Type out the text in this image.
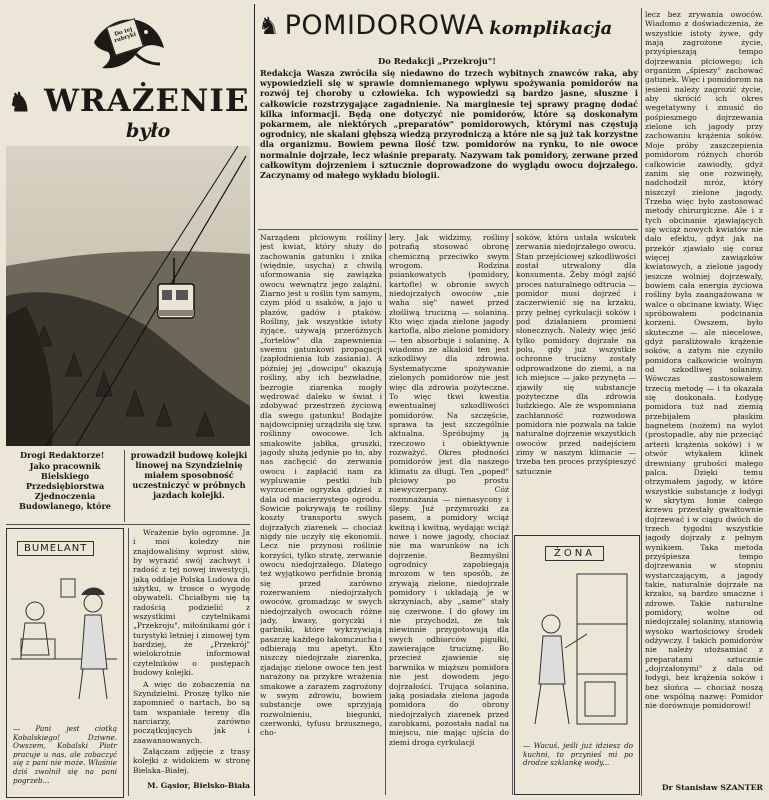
Do tej rubryki
♞ WRAŻENIE
było
Drogi Redaktorze!
Jako pracownik Bielskiego Przedsiębiorstwa Zjednoczenia Budowlanego, które
prowadził budowę kolejki linowej na Szyndzielnię miałem sposobność uczestniczyć w próbnych jazdach kolejki.
BUMELANT
— Pani jest ciotką Kobalskiego! Dziwne. Owszem, Kobalski Piotr pracuje u nas, ale zobaczyć się z pani nie może. Właśnie dziś zwolnił się na pani pogrzeb...

Wrażenie było ogromne. Ja i moi koledzy nie znajdowaliśmy wprost słów, by wyrazić swój zachwyt i radość z tej nowej inwestycji, jaką oddaje Polska Ludowa do użytku, w trosce o wygodę obywateli. Chciałbym się tą radością podzielić z wszystkimi czytelnikami „Przekroju", miłośnikami gór i turystyki letniej i zimowej tym bardziej, że „Przekrój" wielokrotnie informował czytelników o postępach budowy kolejki.

A więc do zobaczenia na Szyndzielni. Proszę tylko nie zapomnieć o nartach, bo są tam wspaniałe tereny dla narciarzy, zarówno początkujących jak i zaawansowanych.

Załączam zdjęcie z trasy kolejki z widokiem w stronę Bielska–Białej.

M. Gąsior, Bielsko-Biała

♞ POMIDOROWA komplikacja
Do Redakcji „Przekroju"!
Redakcja Wasza zwróciła się niedawno do trzech wybitnych znawców raka, aby wypowiedzieli się w sprawie domniemanego wpływu spożywania pomidorów na rozwój tej choroby u człowieka. Ich wypowiedzi są bardzo jasne, słuszne i całkowicie rozstrzygające zagadnienie. Na marginesie tej sprawy pragnę dodać kilka informacji. Będą one dotyczyć nie pomidorów, które są doskonałym pokarmem, ale niektórych „preparatów" pomidorowych, którymi nas częstują ogrodnicy, nie skalani głębszą wiedzą przyrodniczą a które nie są już tak korzystne dla organizmu. Bowiem pewna ilość tzw. pomidorów na rynku, to nie owoce normalnie dojrzałe, lecz właśnie preparaty. Nazywam tak pomidory, zerwane przed całkowitym dojrzeniem i sztucznie doprowadzone do wyglądu owocu dojrzałego. Zaczynamy od małego wykładu biologii.
Narządem płciowym rośliny jest kwiat, który służy do zachowania gatunku i znika (więdnie, usycha) z chwilą uformowania się zawiązka owocu wewnątrz jego zalążni. Ziarno jest u roślin tym samym, czym płód u ssaków, a jajo u płazów, gadów i ptaków. Rośliny, jak wszystkie istoty żyjące, używają przeróżnych „fortelów" dla zapewnienia swemu gatunkowi propagacji (zapłodnienia lub zasiania). A później jej „dowcipu" okazują rośliny, aby ich bezwładne, bezrogie ziarenka mogły wędrować daleko w świat i zdobywać przestrzeń życiową dla swego gatunku! Bodajże najdowcipniej urządziła się tzw. roślinny owocowe. Ich smakowite jabłka, gruszki, jagody służą jedynie po to, aby nas zachęcić do zerwania owocu i zapłacić nam za wypluwanie pestki lub wyrzucenie ogryzka gdzieś z dala od macierzystego ogrodu. Sowicie pokrywają te rośliny koszty transportu swych dojrzałych ziarenek — chociaż nigdy nie uczyły się ekonomii. Lecz nie przynosi roślinie korzyści, tylko stratę, zerwanie owocu niedojrzałego. Dlatego też wyjątkowo perfidnie bronią się przed zarówno rozerwaniem niedojrzałych owoców, gromadząc w swych niedojrzałych owocach różne jady, kwasy, goryczki i garbniki, które wykrzywiają paszczę każdego łakomczucha i odbierają mu apetyt. Kto niszczy niedojrzałe ziarenka, zjadając zielone owoce ten jest narażony na przykre wrażenia smakowe a zarazem zagrożony w swym zdrowiu, bowiem substancje owe sprzyjają rozwolnieniu, biegunki, czerwonki, tyfusu brzusznego, cho-
lery. Jak widzimy, rośliny potrafią stosować obronę chemiczną przeciwko swym wrogom. Rodzina psiankowatych (pomidory, kartofle) w obronie swych niedojrzałych owoców „nie waha się" nawet przed złośliwą trucizną — solaniną. Kto więc zjada zielone jagody kartofla, albo zielone pomidory — ten absorbuje i solaninę. A wiadomo ze alkaloid ten jest szkodliwy dla zdrowia. Systematyczne spożywanie zielonych pomidorów nie jest więc dla zdrowia pożyteczne. To więc tkwi kwestia ewentualnej szkodliwości pomidorów. Na szczęście, sprawa ta jest szczególnie aktualna. Spróbujmy ją rzeczowo i obiektywnie rozważyć. Okres płodności pomidorów jest dla naszego klimatu za długi. Ten „poped" płciowy po prostu niewyczerpany. Cóż rozmnażania — nienasycony i ślepy. Już przymrozki za pasem, a pomidory wciąż kwitną i kwitną, wydając wciąż nowe i nowe jagody, chociaż nie ma warunków na ich dojrzenie. Bezmyślni ogrodnicy zapobiegają mrozom w ten sposób, że zrywają zielone, niedojrzałe pomidory i układają je w skrzyniach, aby „same" stały się czerwone. I do głowy im nie przychodzi, że tak niewinnie przygotowują dla swych odbiorców pigułki, zawierające truciznę. Bo przecież zjawienie się barwnika w miąższu pomidora nie jest dowodem jego dojrzałości. Trująca solanina, jaką posiadała zielona jagoda pomidora do obrony niedojrzałych ziarenek przed zarobkami, pozostała nadal na miejscu, nie mając ujścia do ziemi droga cyrkulacji
soków, która ustała wskutek zerwania niedojrzałego owocu. Stan przejściowej szkodliwości został utrwalony dla konsumenta. Żeby mógł zajść proces naturalnego odtrucia — pomidor musi dojrzeć i zaczerwienić się na krzaku, przy pełnej cyrkulacji soków i pod działaniem promieni słonecznych. Należy więc jeść tylko pomidory dojrzałe na polu, gdy już wszystkie ochronne trucizny zostały odprowadzone do ziemi, a na ich miejsce — jako przynęta — zjawiły się substancje pożyteczne dla zdrowia ludzkiego. Ale że wspomniana zachłanność rozwodowa pomidora nie pozwala na takie naturalne dojrzenie wszystkich owoców przed nadejściem zimy w naszym klimacie — trzeba ten proces przyśpieszyć sztucznie
ŻONA
— Wacuś, jeśli już idziesz do kuchni, to przynieś mi po drodze szklankę wody...
lecz bez zrywania owoców. Wiadomo z doświadczenia, że wszystkie istoty żywe, gdy mają zagrożone życie, przyśpieszają tempo dojrzewania płciowego; ich organizm „śpieszy" zachować gatunek. Więc i pomidorom na jesieni należy zagrozić życie, aby skrócić ich okres wegetatywny i zmusić do pośpiesznego dojrzewania zielone ich jagody przy zachowaniu krążenia soków. Moje próby zaszczepienia pomidorom różnych chorób całkowicie zawiodły, gdyż zanim się one rozwinęły, nadchodził mróz, który niszczył zielone jagody. Trzeba więc było zastosować metody chirurgiczne. Ale i z tych obcinanie zjawiających się wciąż nowych kwiatów nie dało efektu, gdyż jak na przekór zjawiało się coraz więcej zawiązków kwiatowych, a zielone jagody jeszcze wolniej dojrzewały, bowiem cała energia życiowa rośliny była zaangażowana w walce o obcinane kwiaty. Więc spróbowałem podcinania korzeni. Owszem, było skuteczne — ale niecelowe, gdyż paraliżowało krążenie soków, a zatym nie czyniło pomidora całkowicie wolnym od szkodliwej solaniny. Wówczas zastosowałem trzecią metodę — i ta okazała się doskonała. Łodygę pomidora tuż nad ziemią przebijałem płaskim bagnetem (nożem) na wylot (prostopadle, aby nie przeciąć arterii krążenia soków) i w otwór wtykałem klinek drewniany grubości małego palca. Dzięki temu otrzymałem jagody, w które wszystkie substancje z łodygi w skrytym łonie całego krzewu przestały gwałtownie dojrzewać i w ciągu dwóch do trzech tygodni wszystkie jagody dojrzały z pełnym wynikiem. Taka metoda przyśpiesza tempo dojrzewania w stopniu wystarczającym, a jagody takie, naturalnie dojrzałe na krzaku, są bardzo smaczne i zdrowe. Takie naturalne pomidory, wolne od niedojrzałej solaniny, stanowią wysoko wartościowy środek odżywczy. I takich pomidorów nie należy utożsamiać z preparatami sztucznie „dojrzałonymi" z dala od łodygi, bez krążenia soków i bez słońca — chociaż noszą one wspólną nazwę: Pomidor nie dorównuje pomidorowi!
Dr Stanisław SZANTER
